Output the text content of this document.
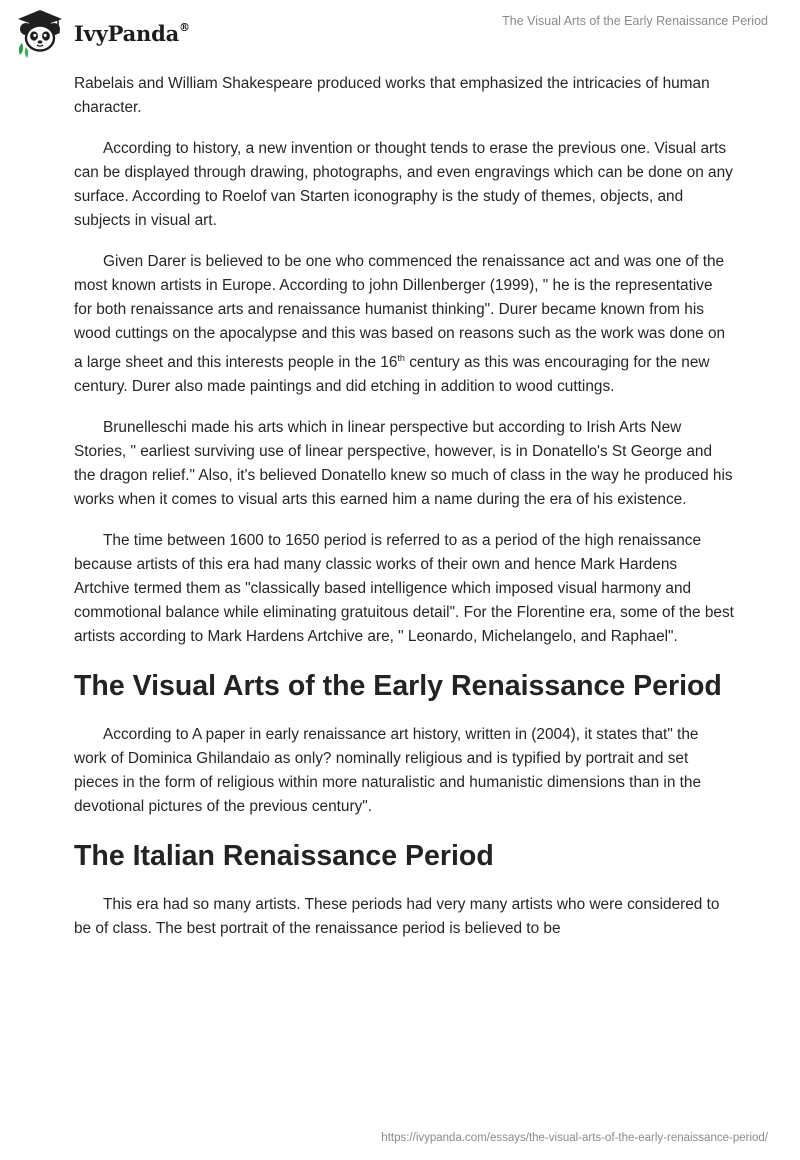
IvyPanda®	The Visual Arts of the Early Renaissance Period

Rabelais and William Shakespeare produced works that emphasized the intricacies of human character.

According to history, a new invention or thought tends to erase the previous one. Visual arts can be displayed through drawing, photographs, and even engravings which can be done on any surface. According to Roelof van Starten iconography is the study of themes, objects, and subjects in visual art.

Given Darer is believed to be one who commenced the renaissance act and was one of the most known artists in Europe. According to john Dillenberger (1999), " he is the representative for both renaissance arts and renaissance humanist thinking". Durer became known from his wood cuttings on the apocalypse and this was based on reasons such as the work was done on a large sheet and this interests people in the 16th century as this was encouraging for the new century. Durer also made paintings and did etching in addition to wood cuttings.

Brunelleschi made his arts which in linear perspective but according to Irish Arts New Stories, " earliest surviving use of linear perspective, however, is in Donatello's St George and the dragon relief." Also, it's believed Donatello knew so much of class in the way he produced his works when it comes to visual arts this earned him a name during the era of his existence.

The time between 1600 to 1650 period is referred to as a period of the high renaissance because artists of this era had many classic works of their own and hence Mark Hardens Artchive termed them as "classically based intelligence which imposed visual harmony and commotional balance while eliminating gratuitous detail". For the Florentine era, some of the best artists according to Mark Hardens Artchive are, " Leonardo, Michelangelo, and Raphael".

The Visual Arts of the Early Renaissance Period

According to A paper in early renaissance art history, written in (2004), it states that" the work of Dominica Ghilandaio as only? nominally religious and is typified by portrait and set pieces in the form of religious within more naturalistic and humanistic dimensions than in the devotional pictures of the previous century".

The Italian Renaissance Period

This era had so many artists. These periods had very many artists who were considered to be of class. The best portrait of the renaissance period is believed to be

https://ivypanda.com/essays/the-visual-arts-of-the-early-renaissance-period/
